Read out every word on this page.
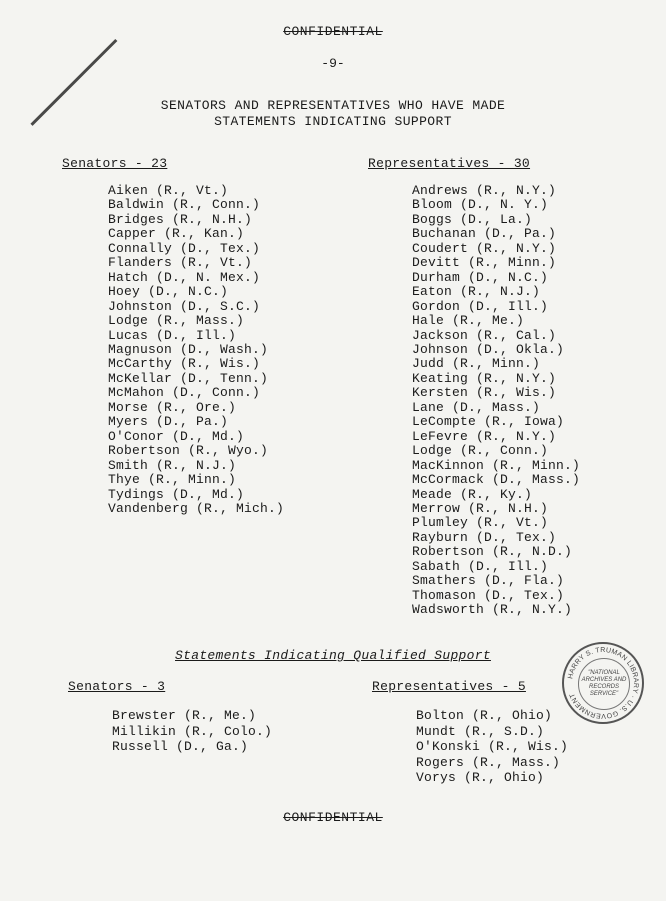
CONFIDENTIAL
-9-
SENATORS AND REPRESENTATIVES WHO HAVE MADE
STATEMENTS INDICATING SUPPORT
Senators - 23	Representatives - 30
Aiken (R., Vt.)
Baldwin (R., Conn.)
Bridges (R., N.H.)
Capper (R., Kan.)
Connally (D., Tex.)
Flanders (R., Vt.)
Hatch (D., N. Mex.)
Hoey (D., N.C.)
Johnston (D., S.C.)
Lodge (R., Mass.)
Lucas (D., Ill.)
Magnuson (D., Wash.)
McCarthy (R., Wis.)
McKellar (D., Tenn.)
McMahon (D., Conn.)
Morse (R., Ore.)
Myers (D., Pa.)
O'Conor (D., Md.)
Robertson (R., Wyo.)
Smith (R., N.J.)
Thye (R., Minn.)
Tydings (D., Md.)
Vandenberg (R., Mich.)
Andrews (R., N.Y.)
Bloom (D., N. Y.)
Boggs (D., La.)
Buchanan (D., Pa.)
Coudert (R., N.Y.)
Devitt (R., Minn.)
Durham (D., N.C.)
Eaton (R., N.J.)
Gordon (D., Ill.)
Hale (R., Me.)
Jackson (R., Cal.)
Johnson (D., Okla.)
Judd (R., Minn.)
Keating (R., N.Y.)
Kersten (R., Wis.)
Lane (D., Mass.)
LeCompte (R., Iowa)
LeFevre (R., N.Y.)
Lodge (R., Conn.)
MacKinnon (R., Minn.)
McCormack (D., Mass.)
Meade (R., Ky.)
Merrow (R., N.H.)
Plumley (R., Vt.)
Rayburn (D., Tex.)
Robertson (R., N.D.)
Sabath (D., Ill.)
Smathers (D., Fla.)
Thomason (D., Tex.)
Wadsworth (R., N.Y.)
Statements Indicating Qualified Support
Senators - 3	Representatives - 5
Brewster (R., Me.)
Millikin (R., Colo.)
Russell (D., Ga.)
Bolton (R., Ohio)
Mundt (R., S.D.)
O'Konski (R., Wis.)
Rogers (R., Mass.)
Vorys (R., Ohio)
HARRY S. TRUMAN LIBRARY · U.S. GOVERNMENT
"NATIONAL ARCHIVES AND RECORDS SERVICE"
CONFIDENTIAL
